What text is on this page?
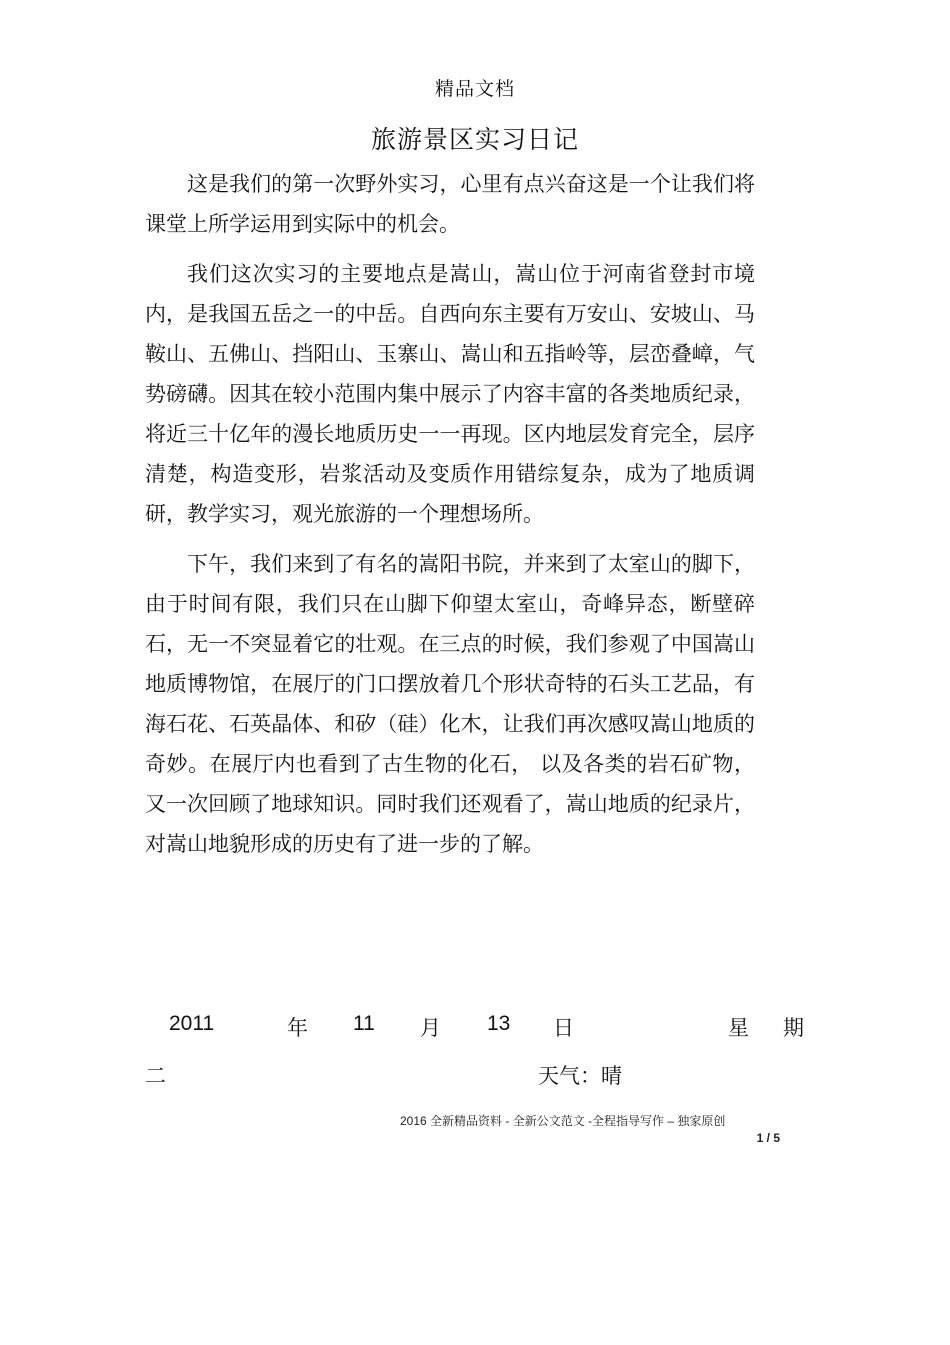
精品文档
旅游景区实习日记

这是我们的第一次野外实习，心里有点兴奋这是一个让我们将课堂上所学运用到实际中的机会。

我们这次实习的主要地点是嵩山，嵩山位于河南省登封市境内，是我国五岳之一的中岳。自西向东主要有万安山、安坡山、马鞍山、五佛山、挡阳山、玉寨山、嵩山和五指岭等，层峦叠嶂，气势磅礴。因其在较小范围内集中展示了内容丰富的各类地质纪录，将近三十亿年的漫长地质历史一一再现。区内地层发育完全，层序清楚，构造变形，岩浆活动及变质作用错综复杂，成为了地质调研，教学实习，观光旅游的一个理想场所。

下午，我们来到了有名的嵩阳书院，并来到了太室山的脚下，由于时间有限，我们只在山脚下仰望太室山，奇峰异态，断壁碎石，无一不突显着它的壮观。在三点的时候，我们参观了中国嵩山地质博物馆，在展厅的门口摆放着几个形状奇特的石头工艺品，有海石花、石英晶体、和矽（硅）化木，让我们再次感叹嵩山地质的奇妙。在展厅内也看到了古生物的化石， 以及各类的岩石矿物， 又一次回顾了地球知识。同时我们还观看了，嵩山地质的纪录片，对嵩山地貌形成的历史有了进一步的了解。

2011	年 11 月 13 日	星 期
二	天气：晴
2016 全新精品资料 - 全新公文范文 -全程指导写作 – 独家原创
1 / 5
